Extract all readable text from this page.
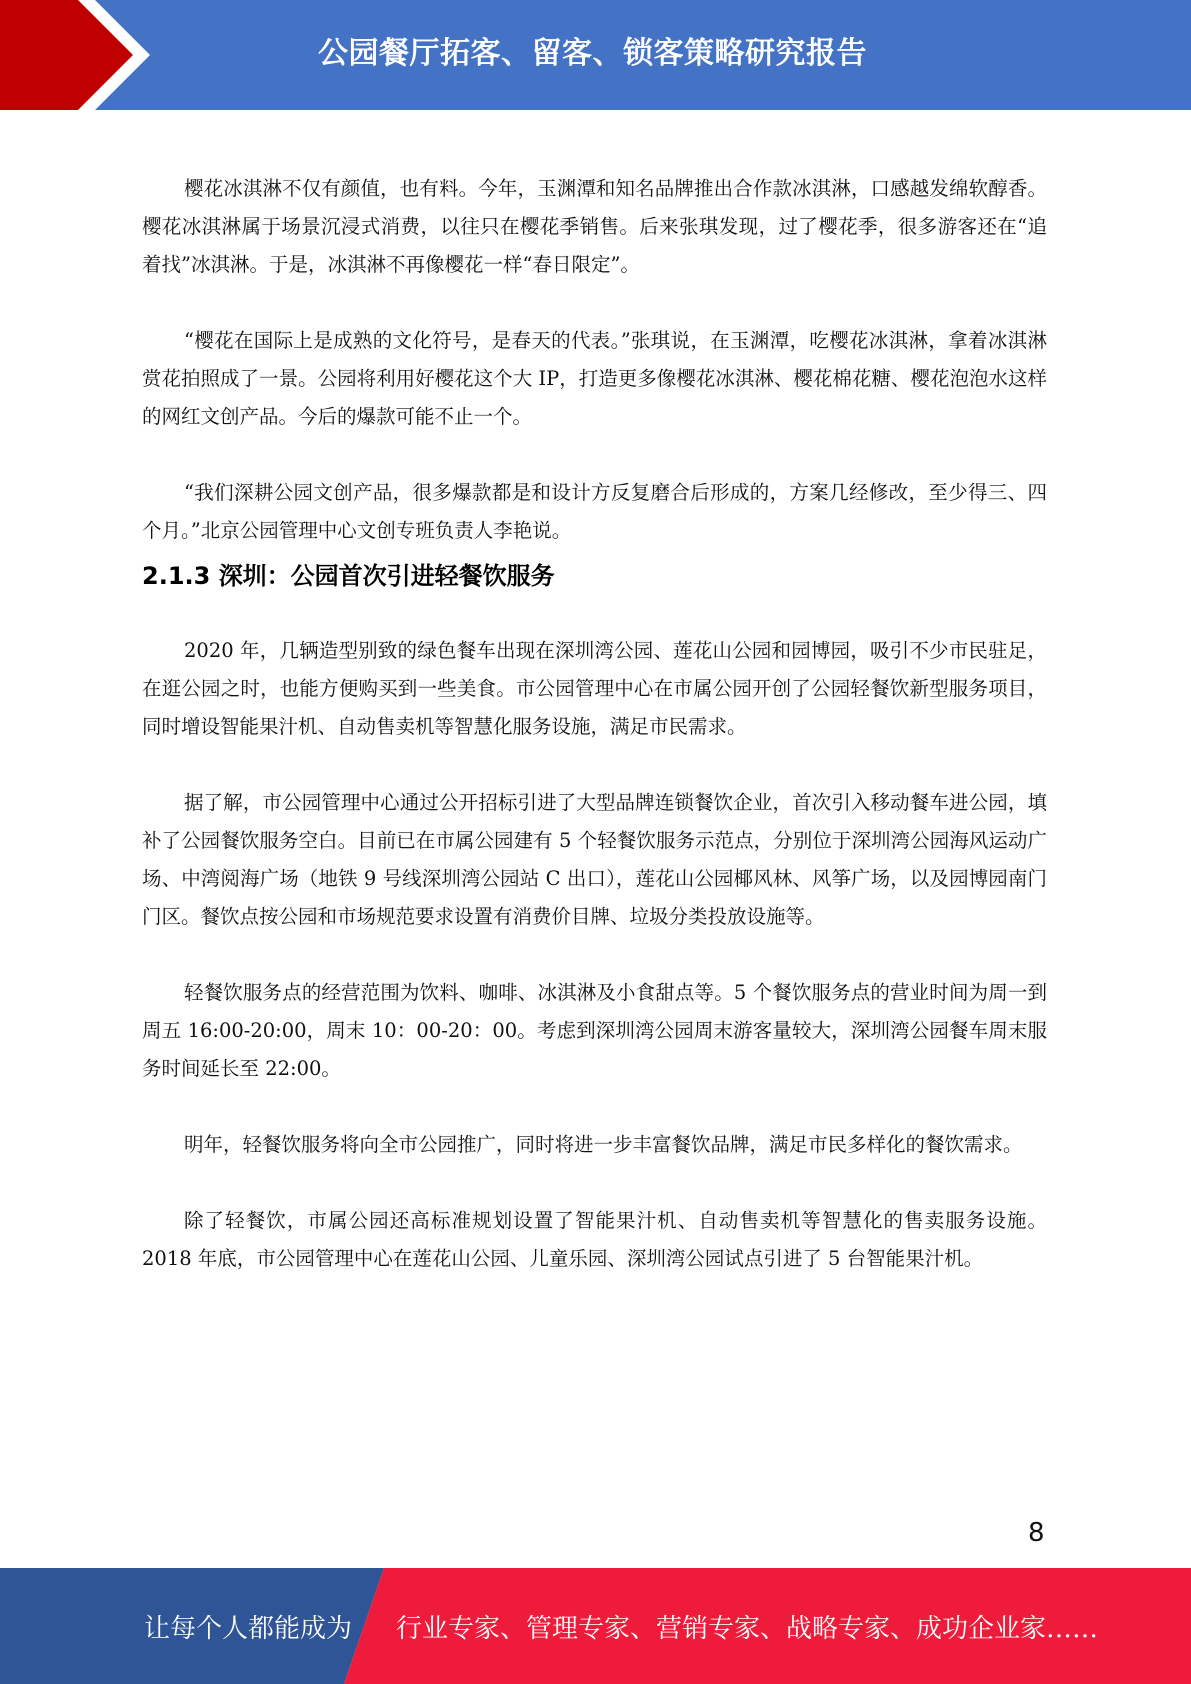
公园餐厅拓客、留客、锁客策略研究报告

樱花冰淇淋不仅有颜值，也有料。今年，玉渊潭和知名品牌推出合作款冰淇淋，口感越发绵软醇香。樱花冰淇淋属于场景沉浸式消费，以往只在樱花季销售。后来张琪发现，过了樱花季，很多游客还在“追着找”冰淇淋。于是，冰淇淋不再像樱花一样“春日限定”。

“樱花在国际上是成熟的文化符号，是春天的代表。”张琪说，在玉渊潭，吃樱花冰淇淋，拿着冰淇淋赏花拍照成了一景。公园将利用好樱花这个大 IP，打造更多像樱花冰淇淋、樱花棉花糖、樱花泡泡水这样的网红文创产品。今后的爆款可能不止一个。

“我们深耕公园文创产品，很多爆款都是和设计方反复磨合后形成的，方案几经修改，至少得三、四个月。”北京公园管理中心文创专班负责人李艳说。

2.1.3 深圳：公园首次引进轻餐饮服务

2020 年，几辆造型别致的绿色餐车出现在深圳湾公园、莲花山公园和园博园，吸引不少市民驻足，在逛公园之时，也能方便购买到一些美食。市公园管理中心在市属公园开创了公园轻餐饮新型服务项目，同时增设智能果汁机、自动售卖机等智慧化服务设施，满足市民需求。

据了解，市公园管理中心通过公开招标引进了大型品牌连锁餐饮企业，首次引入移动餐车进公园，填补了公园餐饮服务空白。目前已在市属公园建有 5 个轻餐饮服务示范点，分别位于深圳湾公园海风运动广场、中湾阅海广场（地铁 9 号线深圳湾公园站 C 出口），莲花山公园椰风林、风筝广场，以及园博园南门门区。餐饮点按公园和市场规范要求设置有消费价目牌、垃圾分类投放设施等。

轻餐饮服务点的经营范围为饮料、咖啡、冰淇淋及小食甜点等。5 个餐饮服务点的营业时间为周一到周五 16:00-20:00，周末 10：00-20：00。考虑到深圳湾公园周末游客量较大，深圳湾公园餐车周末服务时间延长至 22:00。

明年，轻餐饮服务将向全市公园推广，同时将进一步丰富餐饮品牌，满足市民多样化的餐饮需求。

除了轻餐饮，市属公园还高标准规划设置了智能果汁机、自动售卖机等智慧化的售卖服务设施。2018 年底，市公园管理中心在莲花山公园、儿童乐园、深圳湾公园试点引进了 5 台智能果汁机。

8
让每个人都能成为 行业专家、管理专家、营销专家、战略专家、成功企业家……
